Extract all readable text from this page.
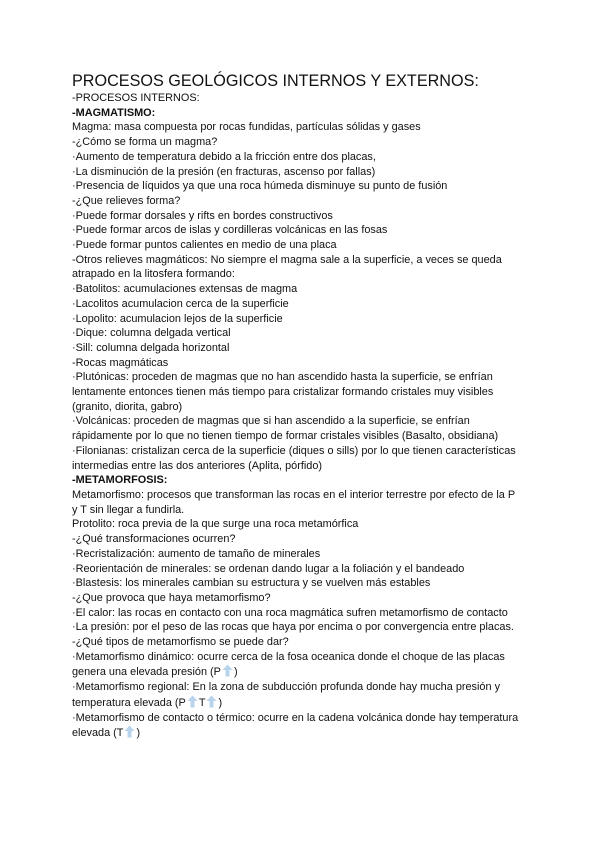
PROCESOS GEOLÓGICOS INTERNOS Y EXTERNOS:
-PROCESOS INTERNOS:
-MAGMATISMO:
Magma: masa compuesta por rocas fundidas, partículas sólidas y gases
-¿Cómo se forma un magma?
·Aumento de temperatura debido a la fricción entre dos placas,
·La disminución de la presión (en fracturas, ascenso por fallas)
·Presencia de líquidos ya que una roca húmeda disminuye su punto de fusión
-¿Que relieves forma?
·Puede formar dorsales y rifts en bordes constructivos
·Puede formar arcos de islas y cordilleras volcánicas en las fosas
·Puede formar puntos calientes en medio de una placa
-Otros relieves magmáticos: No siempre el magma sale a la superficie, a veces se queda
atrapado en la litosfera formando:
·Batolitos: acumulaciones extensas de magma
·Lacolitos acumulacion cerca de la superficie
·Lopolito: acumulacion lejos de la superficie
·Dique: columna delgada vertical
·Sill: columna delgada horizontal
-Rocas magmáticas
·Plutónicas: proceden de magmas que no han ascendido hasta la superficie, se enfrían
lentamente entonces tienen más tiempo para cristalizar formando cristales muy visibles
(granito, diorita, gabro)
·Volcánicas: proceden de magmas que si han ascendido a la superficie, se enfrían
rápidamente por lo que no tienen tiempo de formar cristales visibles (Basalto, obsidiana)
·Filonianas: cristalizan cerca de la superficie (diques o sills) por lo que tienen características
intermedias entre las dos anteriores (Aplita, pórfido)
-METAMORFOSIS:
Metamorfismo: procesos que transforman las rocas en el interior terrestre por efecto de la P
y T sin llegar a fundirla.
Protolito: roca previa de la que surge una roca metamórfica
-¿Qué transformaciones ocurren?
·Recristalización: aumento de tamaño de minerales
·Reorientación de minerales: se ordenan dando lugar a la foliación y el bandeado
·Blastesis: los minerales cambian su estructura y se vuelven más estables
-¿Que provoca que haya metamorfismo?
·El calor: las rocas en contacto con una roca magmática sufren metamorfismo de contacto
·La presión: por el peso de las rocas que haya por encima o por convergencia entre placas.
-¿Qué tipos de metamorfismo se puede dar?
·Metamorfismo dinámico: ocurre cerca de la fosa oceanica donde el choque de las placas
genera una elevada presión (P )
·Metamorfismo regional: En la zona de subducción profunda donde hay mucha presión y
temperatura elevada (P T )
·Metamorfismo de contacto o térmico: ocurre en la cadena volcánica donde hay temperatura
elevada (T )
